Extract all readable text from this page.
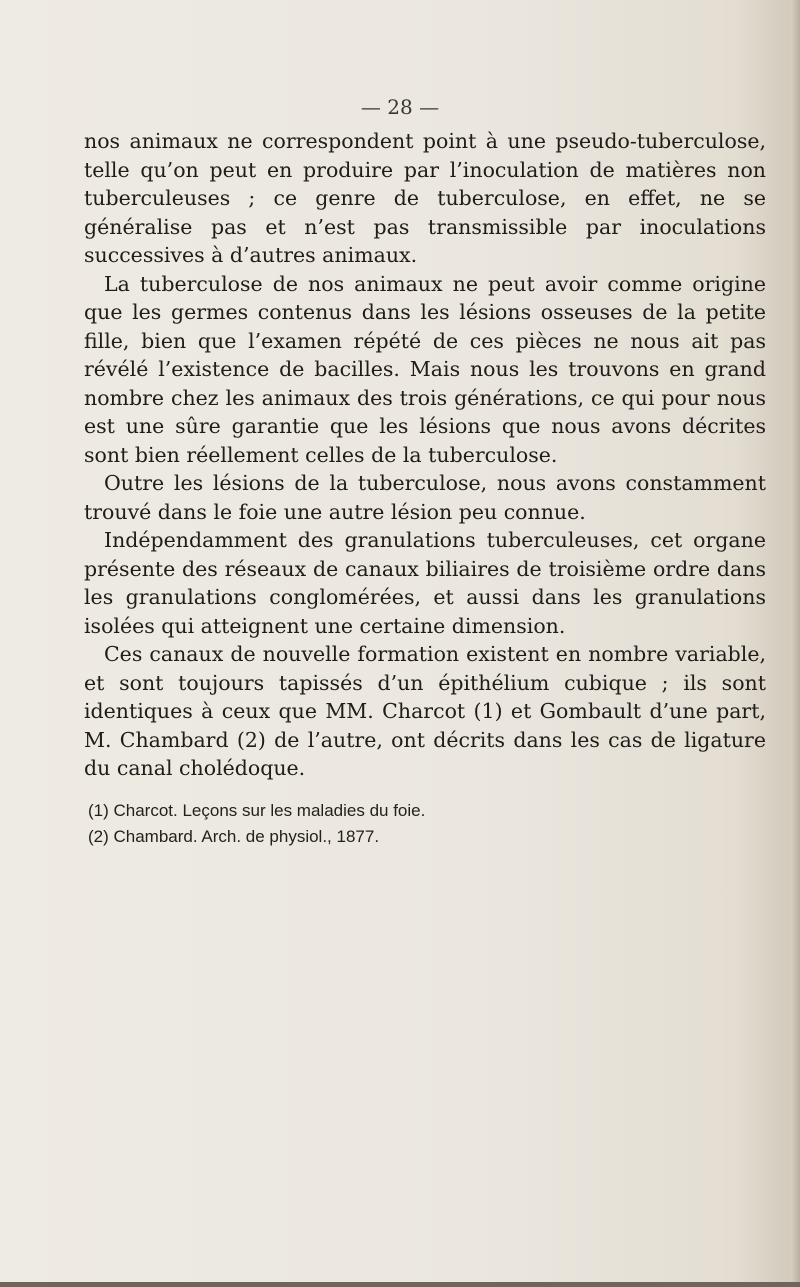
— 28 —

nos animaux ne correspondent point à une pseudo-tuberculose, telle qu’on peut en produire par l’inoculation de matières non tuberculeuses ; ce genre de tuberculose, en effet, ne se généralise pas et n’est pas transmissible par inoculations successives à d’autres animaux.

La tuberculose de nos animaux ne peut avoir comme origine que les germes contenus dans les lésions osseuses de la petite fille, bien que l’examen répété de ces pièces ne nous ait pas révélé l’existence de bacilles. Mais nous les trouvons en grand nombre chez les animaux des trois générations, ce qui pour nous est une sûre garantie que les lésions que nous avons décrites sont bien réellement celles de la tuberculose.

Outre les lésions de la tuberculose, nous avons constamment trouvé dans le foie une autre lésion peu connue.

Indépendamment des granulations tuberculeuses, cet organe présente des réseaux de canaux biliaires de troisième ordre dans les granulations conglomérées, et aussi dans les granulations isolées qui atteignent une certaine dimension.

Ces canaux de nouvelle formation existent en nombre variable, et sont toujours tapissés d’un épithélium cubique ; ils sont identiques à ceux que MM. Charcot (1) et Gombault d’une part, M. Chambard (2) de l’autre, ont décrits dans les cas de ligature du canal cholédoque.

(1) Charcot. Leçons sur les maladies du foie.
(2) Chambard. Arch. de physiol., 1877.
